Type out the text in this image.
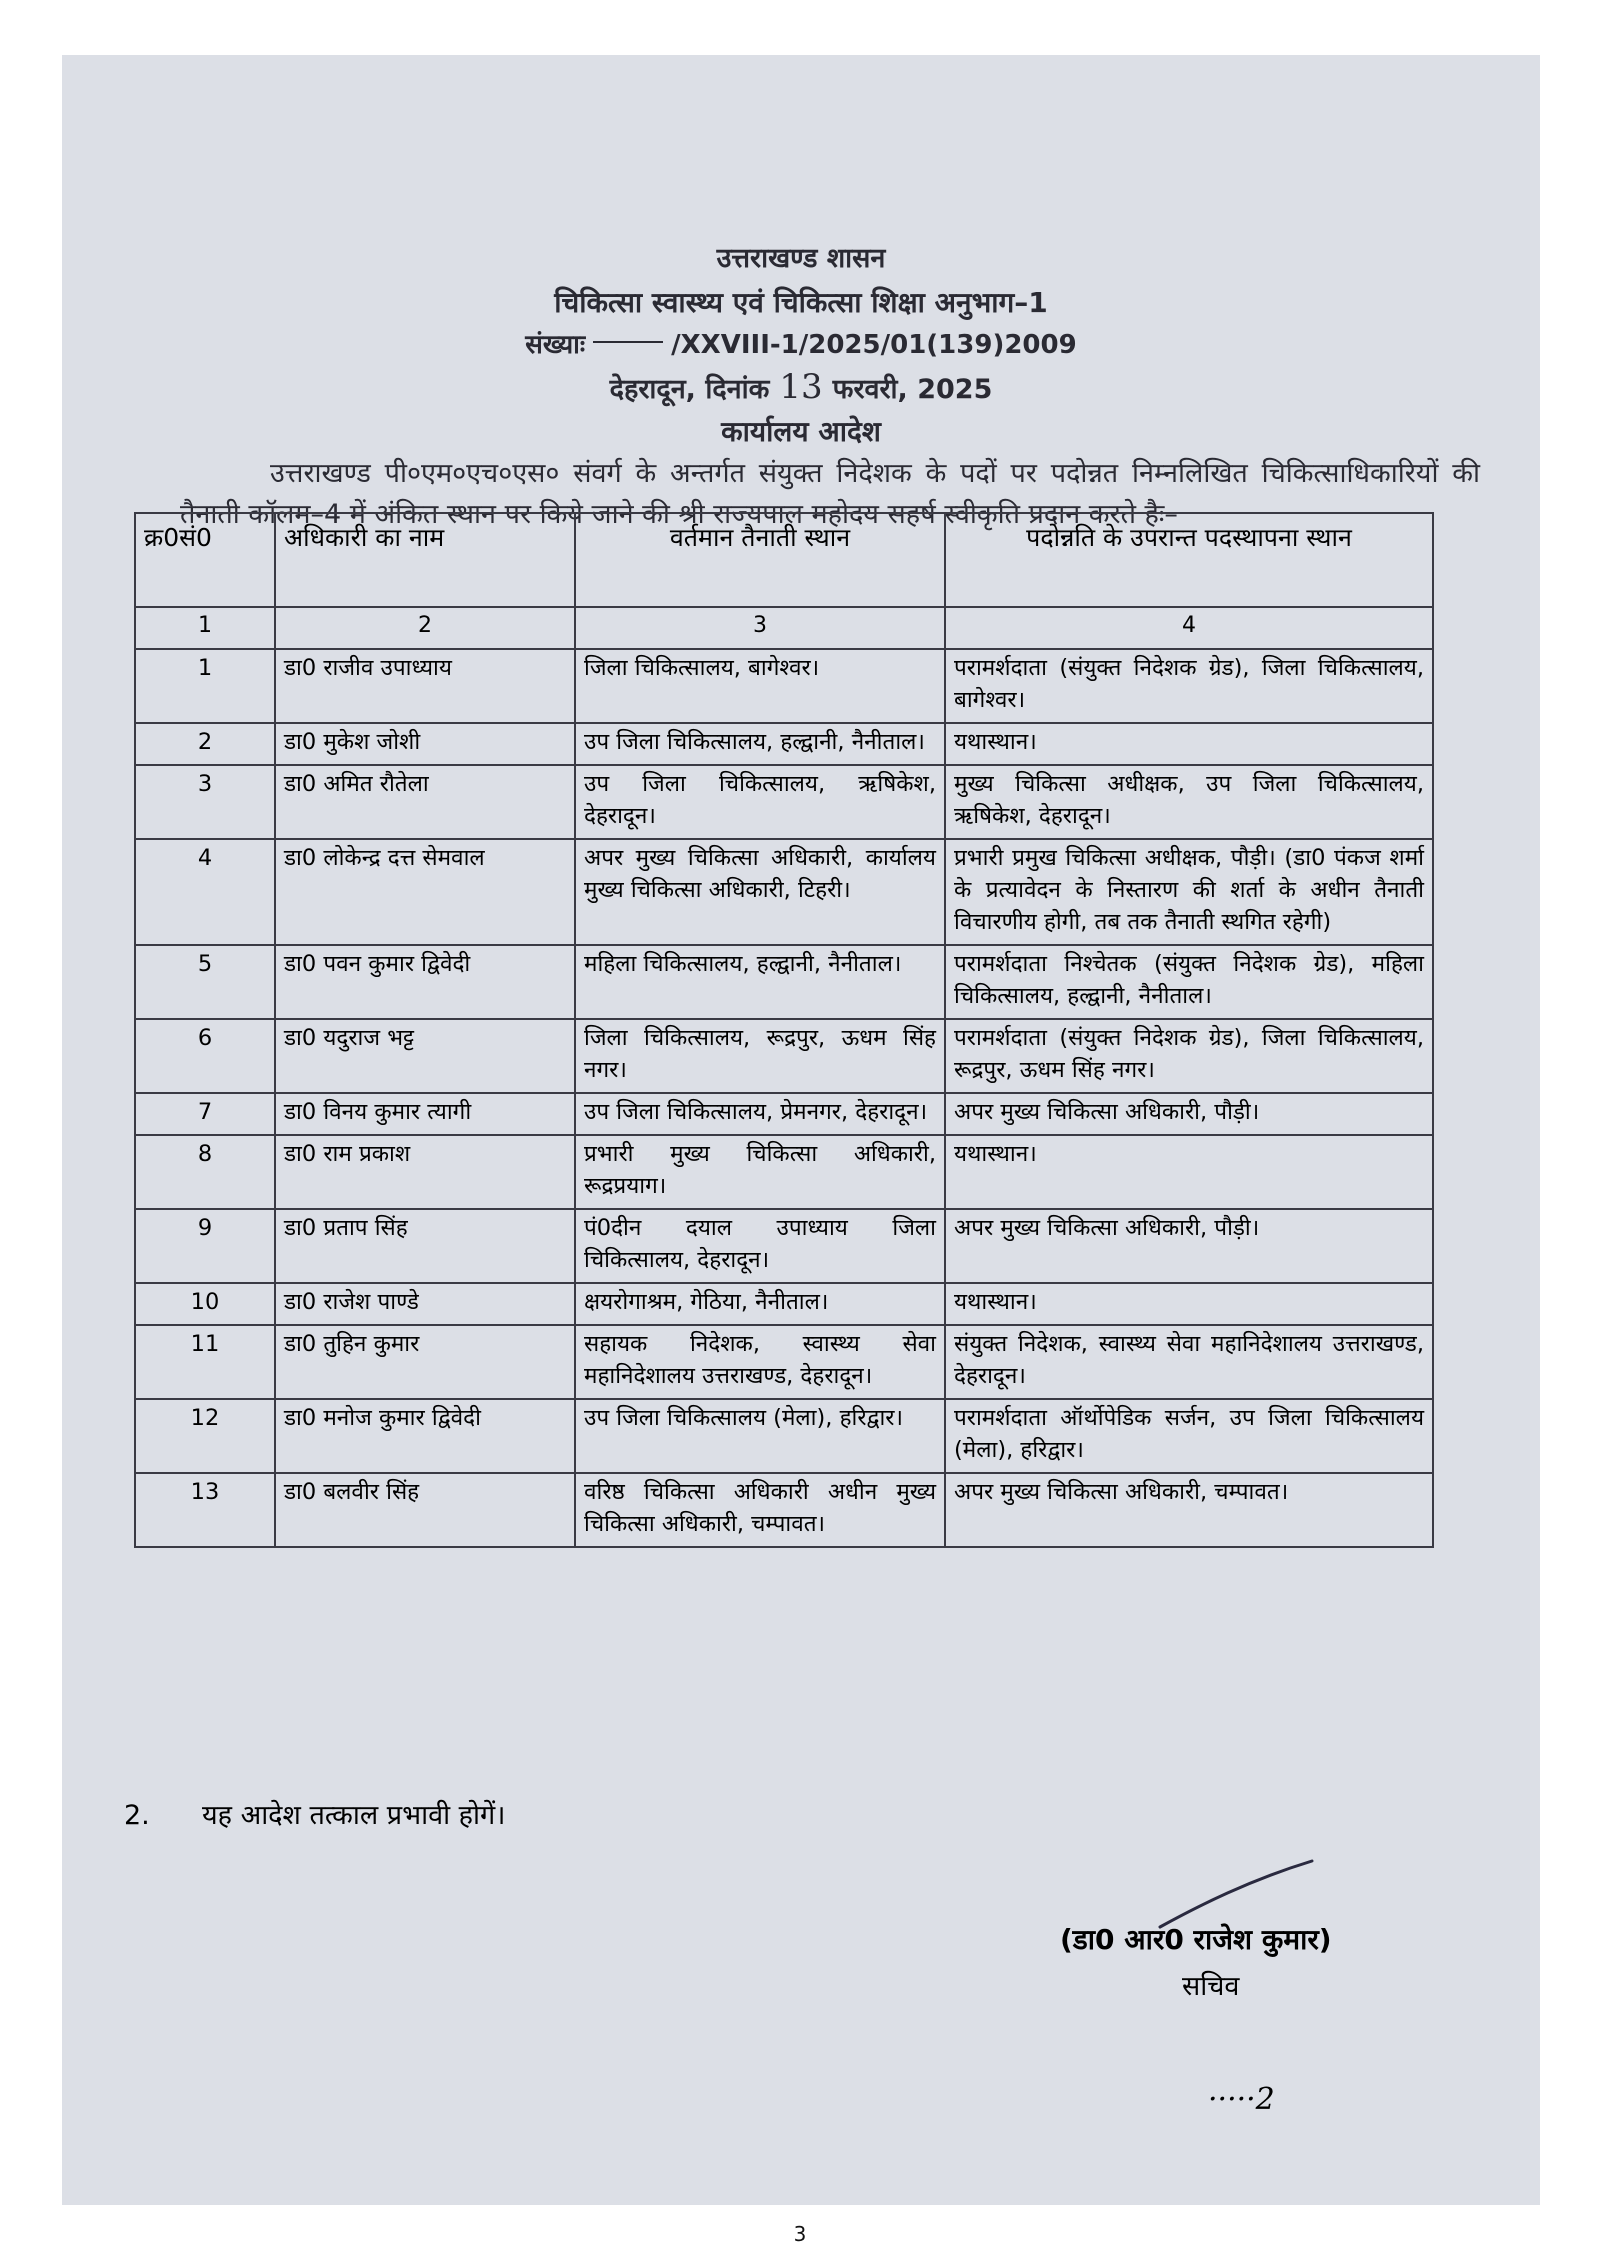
उत्तराखण्ड शासन
चिकित्सा स्वास्थ्य एवं चिकित्सा शिक्षा अनुभाग–1
संख्याः	/XXVIII-1/2025/01(139)2009
देहरादून, दिनांक 13 फरवरी, 2025
कार्यालय आदेश
उत्तराखण्ड पी०एम०एच०एस० संवर्ग के अन्तर्गत संयुक्त निदेशक के पदों पर पदोन्नत निम्नलिखित चिकित्साधिकारियों की तैनाती कॉलम–4 में अंकित स्थान पर किये जाने की श्री राज्यपाल महोदय सहर्ष स्वीकृति प्रदान करते हैः–
क्र0सं0	अधिकारी का नाम	वर्तमान तैनाती स्थान	पदोन्नति के उपरान्त पदस्थापना स्थान
1	2	3	4
1	डा0 राजीव उपाध्याय	जिला चिकित्सालय, बागेश्वर।	परामर्शदाता (संयुक्त निदेशक ग्रेड), जिला चिकित्सालय, बागेश्वर।
2	डा0 मुकेश जोशी	उप जिला चिकित्सालय, हल्द्वानी, नैनीताल।	यथास्थान।
3	डा0 अमित रौतेला	उप जिला चिकित्सालय, ऋषिकेश, देहरादून।	मुख्य चिकित्सा अधीक्षक, उप जिला चिकित्सालय, ऋषिकेश, देहरादून।
4	डा0 लोकेन्द्र दत्त सेमवाल	अपर मुख्य चिकित्सा अधिकारी, कार्यालय मुख्य चिकित्सा अधिकारी, टिहरी।	प्रभारी प्रमुख चिकित्सा अधीक्षक, पौड़ी। (डा0 पंकज शर्मा के प्रत्यावेदन के निस्तारण की शर्ता के अधीन तैनाती विचारणीय होगी, तब तक तैनाती स्थगित रहेगी)
5	डा0 पवन कुमार द्विवेदी	महिला चिकित्सालय, हल्द्वानी, नैनीताल।	परामर्शदाता निश्चेतक (संयुक्त निदेशक ग्रेड), महिला चिकित्सालय, हल्द्वानी, नैनीताल।
6	डा0 यदुराज भट्ट	जिला चिकित्सालय, रूद्रपुर, ऊधम सिंह नगर।	परामर्शदाता (संयुक्त निदेशक ग्रेड), जिला चिकित्सालय, रूद्रपुर, ऊधम सिंह नगर।
7	डा0 विनय कुमार त्यागी	उप जिला चिकित्सालय, प्रेमनगर, देहरादून।	अपर मुख्य चिकित्सा अधिकारी, पौड़ी।
8	डा0 राम प्रकाश	प्रभारी मुख्य चिकित्सा अधिकारी, रूद्रप्रयाग।	यथास्थान।
9	डा0 प्रताप सिंह	पं0दीन दयाल उपाध्याय जिला चिकित्सालय, देहरादून।	अपर मुख्य चिकित्सा अधिकारी, पौड़ी।
10	डा0 राजेश पाण्डे	क्षयरोगाश्रम, गेठिया, नैनीताल।	यथास्थान।
11	डा0 तुहिन कुमार	सहायक निदेशक, स्वास्थ्य सेवा महानिदेशालय उत्तराखण्ड, देहरादून।	संयुक्त निदेशक, स्वास्थ्य सेवा महानिदेशालय उत्तराखण्ड, देहरादून।
12	डा0 मनोज कुमार द्विवेदी	उप जिला चिकित्सालय (मेला), हरिद्वार।	परामर्शदाता ऑर्थोपेडिक सर्जन, उप जिला चिकित्सालय (मेला), हरिद्वार।
13	डा0 बलवीर सिंह	वरिष्ठ चिकित्सा अधिकारी अधीन मुख्य चिकित्सा अधिकारी, चम्पावत।	अपर मुख्य चिकित्सा अधिकारी, चम्पावत।
2. यह आदेश तत्काल प्रभावी होगें।
(डा0 आर0 राजेश कुमार)
सचिव
·····2
3
